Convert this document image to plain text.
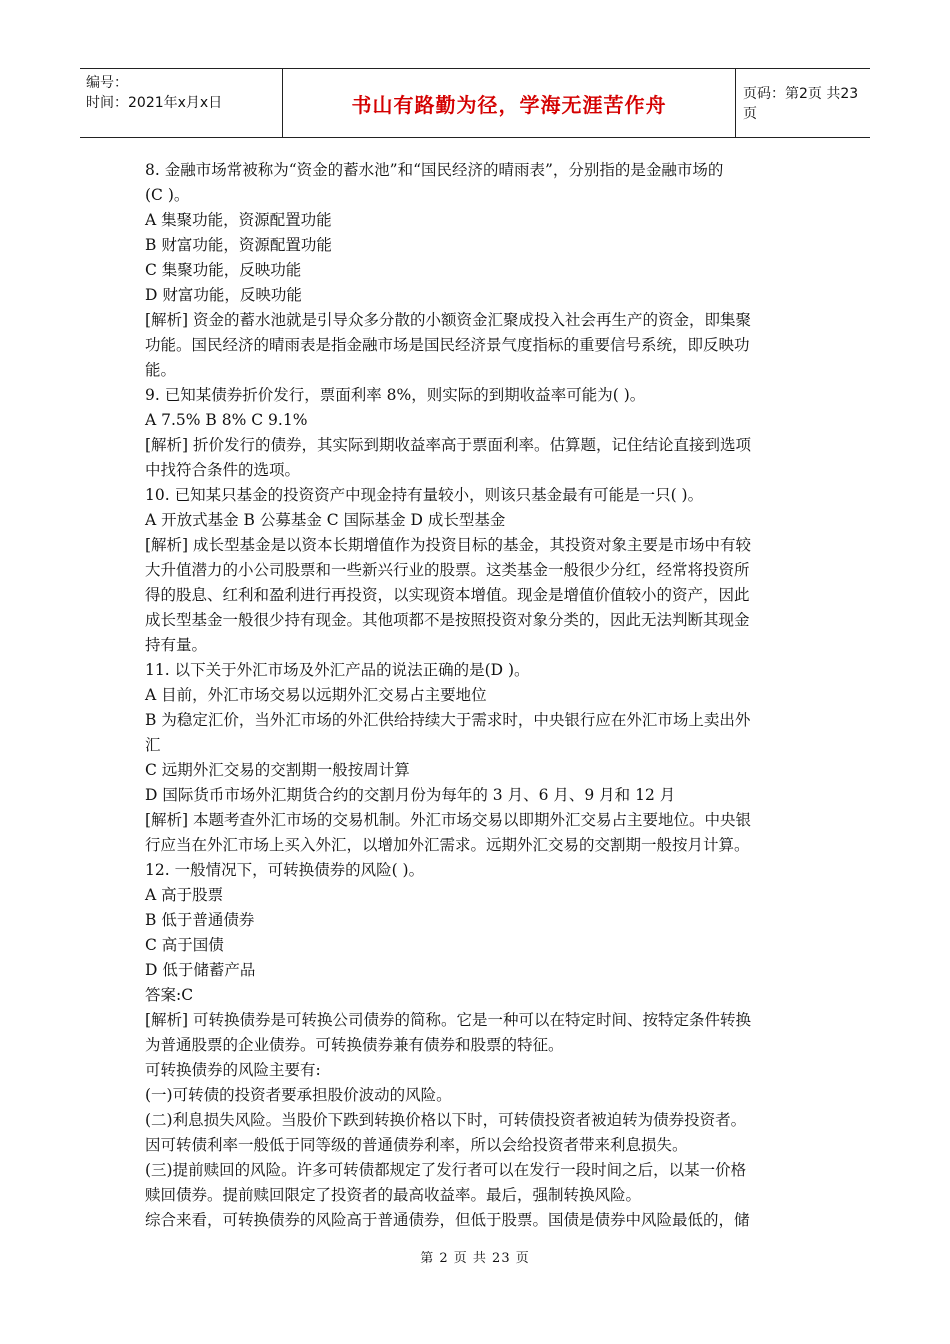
编号：
时间：2021年x月x日	书山有路勤为径，学海无涯苦作舟	页码：第2页 共23页

8. 金融市场常被称为“资金的蓄水池”和“国民经济的晴雨表”，分别指的是金融市场的

(C )。

A 集聚功能，资源配置功能

B 财富功能，资源配置功能

C 集聚功能，反映功能

D 财富功能，反映功能

[解析] 资金的蓄水池就是引导众多分散的小额资金汇聚成投入社会再生产的资金，即集聚

功能。国民经济的晴雨表是指金融市场是国民经济景气度指标的重要信号系统，即反映功

能。

9. 已知某债券折价发行，票面利率 8%，则实际的到期收益率可能为( )。

A 7.5% B 8% C 9.1%

[解析] 折价发行的债券，其实际到期收益率高于票面利率。估算题，记住结论直接到选项

中找符合条件的选项。

10. 已知某只基金的投资资产中现金持有量较小，则该只基金最有可能是一只( )。

A 开放式基金 B 公募基金 C 国际基金 D 成长型基金

[解析] 成长型基金是以资本长期增值作为投资目标的基金，其投资对象主要是市场中有较

大升值潜力的小公司股票和一些新兴行业的股票。这类基金一般很少分红，经常将投资所

得的股息、红利和盈利进行再投资，以实现资本增值。现金是增值价值较小的资产，因此

成长型基金一般很少持有现金。其他项都不是按照投资对象分类的，因此无法判断其现金

持有量。

11. 以下关于外汇市场及外汇产品的说法正确的是(D )。

A 目前，外汇市场交易以远期外汇交易占主要地位

B 为稳定汇价，当外汇市场的外汇供给持续大于需求时，中央银行应在外汇市场上卖出外

汇

C 远期外汇交易的交割期一般按周计算

D 国际货币市场外汇期货合约的交割月份为每年的 3 月、6 月、9 月和 12 月

[解析] 本题考查外汇市场的交易机制。外汇市场交易以即期外汇交易占主要地位。中央银

行应当在外汇市场上买入外汇，以增加外汇需求。远期外汇交易的交割期一般按月计算。

12. 一般情况下，可转换债券的风险( )。

A 高于股票

B 低于普通债券

C 高于国债

D 低于储蓄产品

答案:C

[解析] 可转换债券是可转换公司债券的简称。它是一种可以在特定时间、按特定条件转换

为普通股票的企业债券。可转换债券兼有债券和股票的特征。

可转换债券的风险主要有:

(一)可转债的投资者要承担股价波动的风险。

(二)利息损失风险。当股价下跌到转换价格以下时，可转债投资者被迫转为债券投资者。

因可转债利率一般低于同等级的普通债券利率，所以会给投资者带来利息损失。

(三)提前赎回的风险。许多可转债都规定了发行者可以在发行一段时间之后，以某一价格

赎回债券。提前赎回限定了投资者的最高收益率。最后，强制转换风险。

综合来看，可转换债券的风险高于普通债券，但低于股票。国债是债券中风险最低的，储

第 2 页 共 23 页
